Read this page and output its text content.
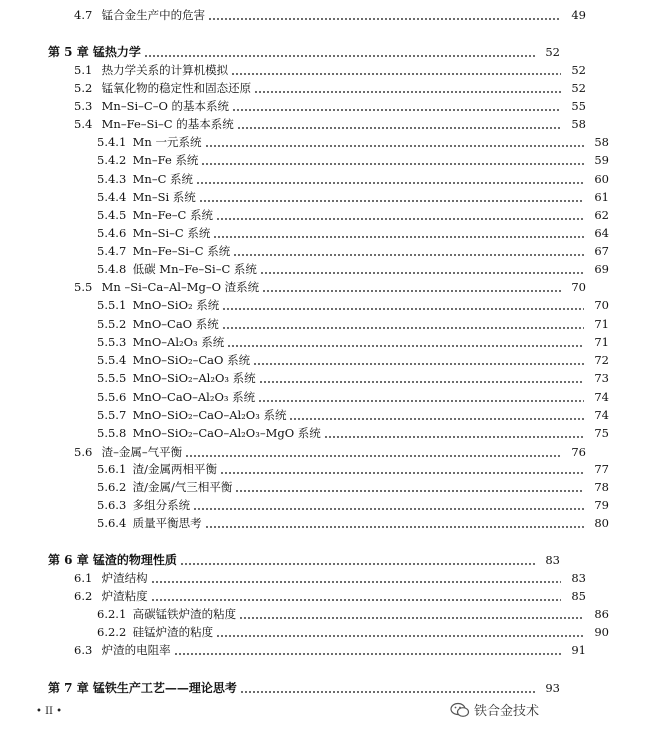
4.7 锰合金生产中的危害	49
第 5 章 锰热力学	52
5.1 热力学关系的计算机模拟	52
5.2 锰氧化物的稳定性和固态还原	52
5.3 Mn–Si–C–O 的基本系统	55
5.4 Mn–Fe–Si–C 的基本系统	58
5.4.1 Mn 一元系统	58
5.4.2 Mn–Fe 系统	59
5.4.3 Mn–C 系统	60
5.4.4 Mn–Si 系统	61
5.4.5 Mn–Fe–C 系统	62
5.4.6 Mn–Si–C 系统	64
5.4.7 Mn–Fe–Si–C 系统	67
5.4.8 低碳 Mn–Fe–Si–C 系统	69
5.5 Mn –Si–Ca–Al–Mg–O 渣系统	70
5.5.1 MnO–SiO₂ 系统	70
5.5.2 MnO–CaO 系统	71
5.5.3 MnO–Al₂O₃ 系统	71
5.5.4 MnO–SiO₂–CaO 系统	72
5.5.5 MnO–SiO₂–Al₂O₃ 系统	73
5.5.6 MnO–CaO–Al₂O₃ 系统	74
5.5.7 MnO–SiO₂–CaO–Al₂O₃ 系统	74
5.5.8 MnO–SiO₂–CaO–Al₂O₃–MgO 系统	75
5.6 渣–金属–气平衡	76
5.6.1 渣/金属两相平衡	77
5.6.2 渣/金属/气三相平衡	78
5.6.3 多组分系统	79
5.6.4 质量平衡思考	80
第 6 章 锰渣的物理性质	83
6.1 炉渣结构	83
6.2 炉渣粘度	85
6.2.1 高碳锰铁炉渣的粘度	86
6.2.2 硅锰炉渣的粘度	90
6.3 炉渣的电阻率	91
第 7 章 锰铁生产工艺——理论思考	93
• II •	铁合金技术
